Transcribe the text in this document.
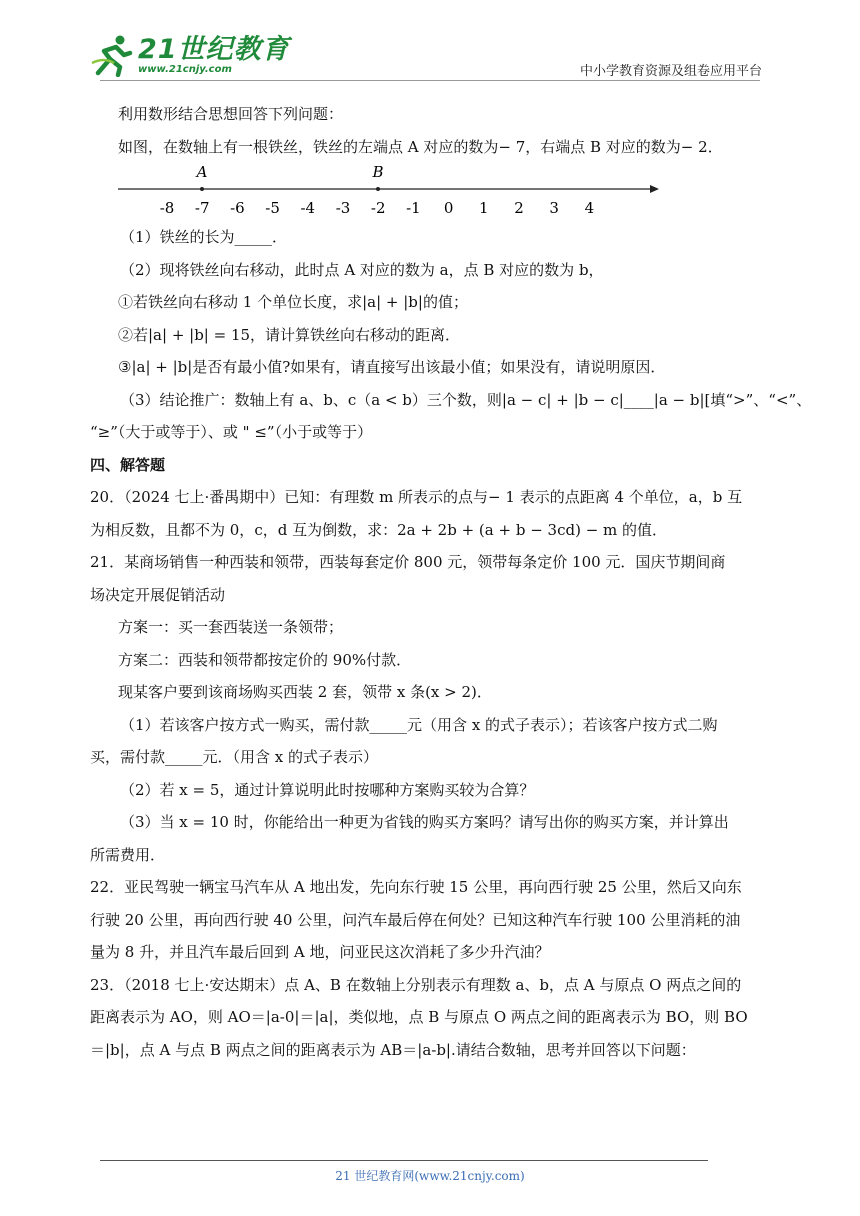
21世纪教育
www.21cnjy.com	中小学教育资源及组卷应用平台

利用数形结合思想回答下列问题：

如图，在数轴上有一根铁丝，铁丝的左端点 A 对应的数为− 7，右端点 B 对应的数为− 2．

-8 -7 -6 -5 -4 -3 -2 -1 0 1 2 3 4
A	B

（1）铁丝的长为_____．

（2）现将铁丝向右移动，此时点 A 对应的数为 a，点 B 对应的数为 b，

①若铁丝向右移动 1 个单位长度，求|a| + |b|的值；

②若|a| + |b| = 15，请计算铁丝向右移动的距离．

③|a| + |b|是否有最小值?如果有，请直接写出该最小值；如果没有，请说明原因．

（3）结论推广：数轴上有 a、b、c（a < b）三个数，则|a − c| + |b − c|____|a − b|[填“>”、“<”、

“≥”（大于或等于）、或 " ≤”（小于或等于）

四、解答题

20．（2024 七上·番禺期中）已知：有理数 m 所表示的点与− 1 表示的点距离 4 个单位，a，b 互

为相反数，且都不为 0，c，d 互为倒数，求：2a + 2b + (a + b − 3cd) − m 的值．

21．某商场销售一种西装和领带，西装每套定价 800 元，领带每条定价 100 元．国庆节期间商

场决定开展促销活动

方案一：买一套西装送一条领带；

方案二：西装和领带都按定价的 90%付款．

现某客户要到该商场购买西装 2 套，领带 x 条(x > 2)．

（1）若该客户按方式一购买，需付款_____元（用含 x 的式子表示）；若该客户按方式二购

买，需付款_____元．（用含 x 的式子表示）

（2）若 x = 5，通过计算说明此时按哪种方案购买较为合算？

（3）当 x = 10 时，你能给出一种更为省钱的购买方案吗？请写出你的购买方案，并计算出

所需费用．

22．亚民驾驶一辆宝马汽车从 A 地出发，先向东行驶 15 公里，再向西行驶 25 公里，然后又向东

行驶 20 公里，再向西行驶 40 公里，问汽车最后停在何处？已知这种汽车行驶 100 公里消耗的油

量为 8 升，并且汽车最后回到 A 地，问亚民这次消耗了多少升汽油？

23．（2018 七上·安达期末）点 A、B 在数轴上分别表示有理数 a、b，点 A 与原点 O 两点之间的

距离表示为 AO，则 AO＝|a-0|＝|a|，类似地，点 B 与原点 O 两点之间的距离表示为 BO，则 BO

＝|b|，点 A 与点 B 两点之间的距离表示为 AB＝|a-b|.请结合数轴，思考并回答以下问题：

21 世纪教育网(www.21cnjy.com)
